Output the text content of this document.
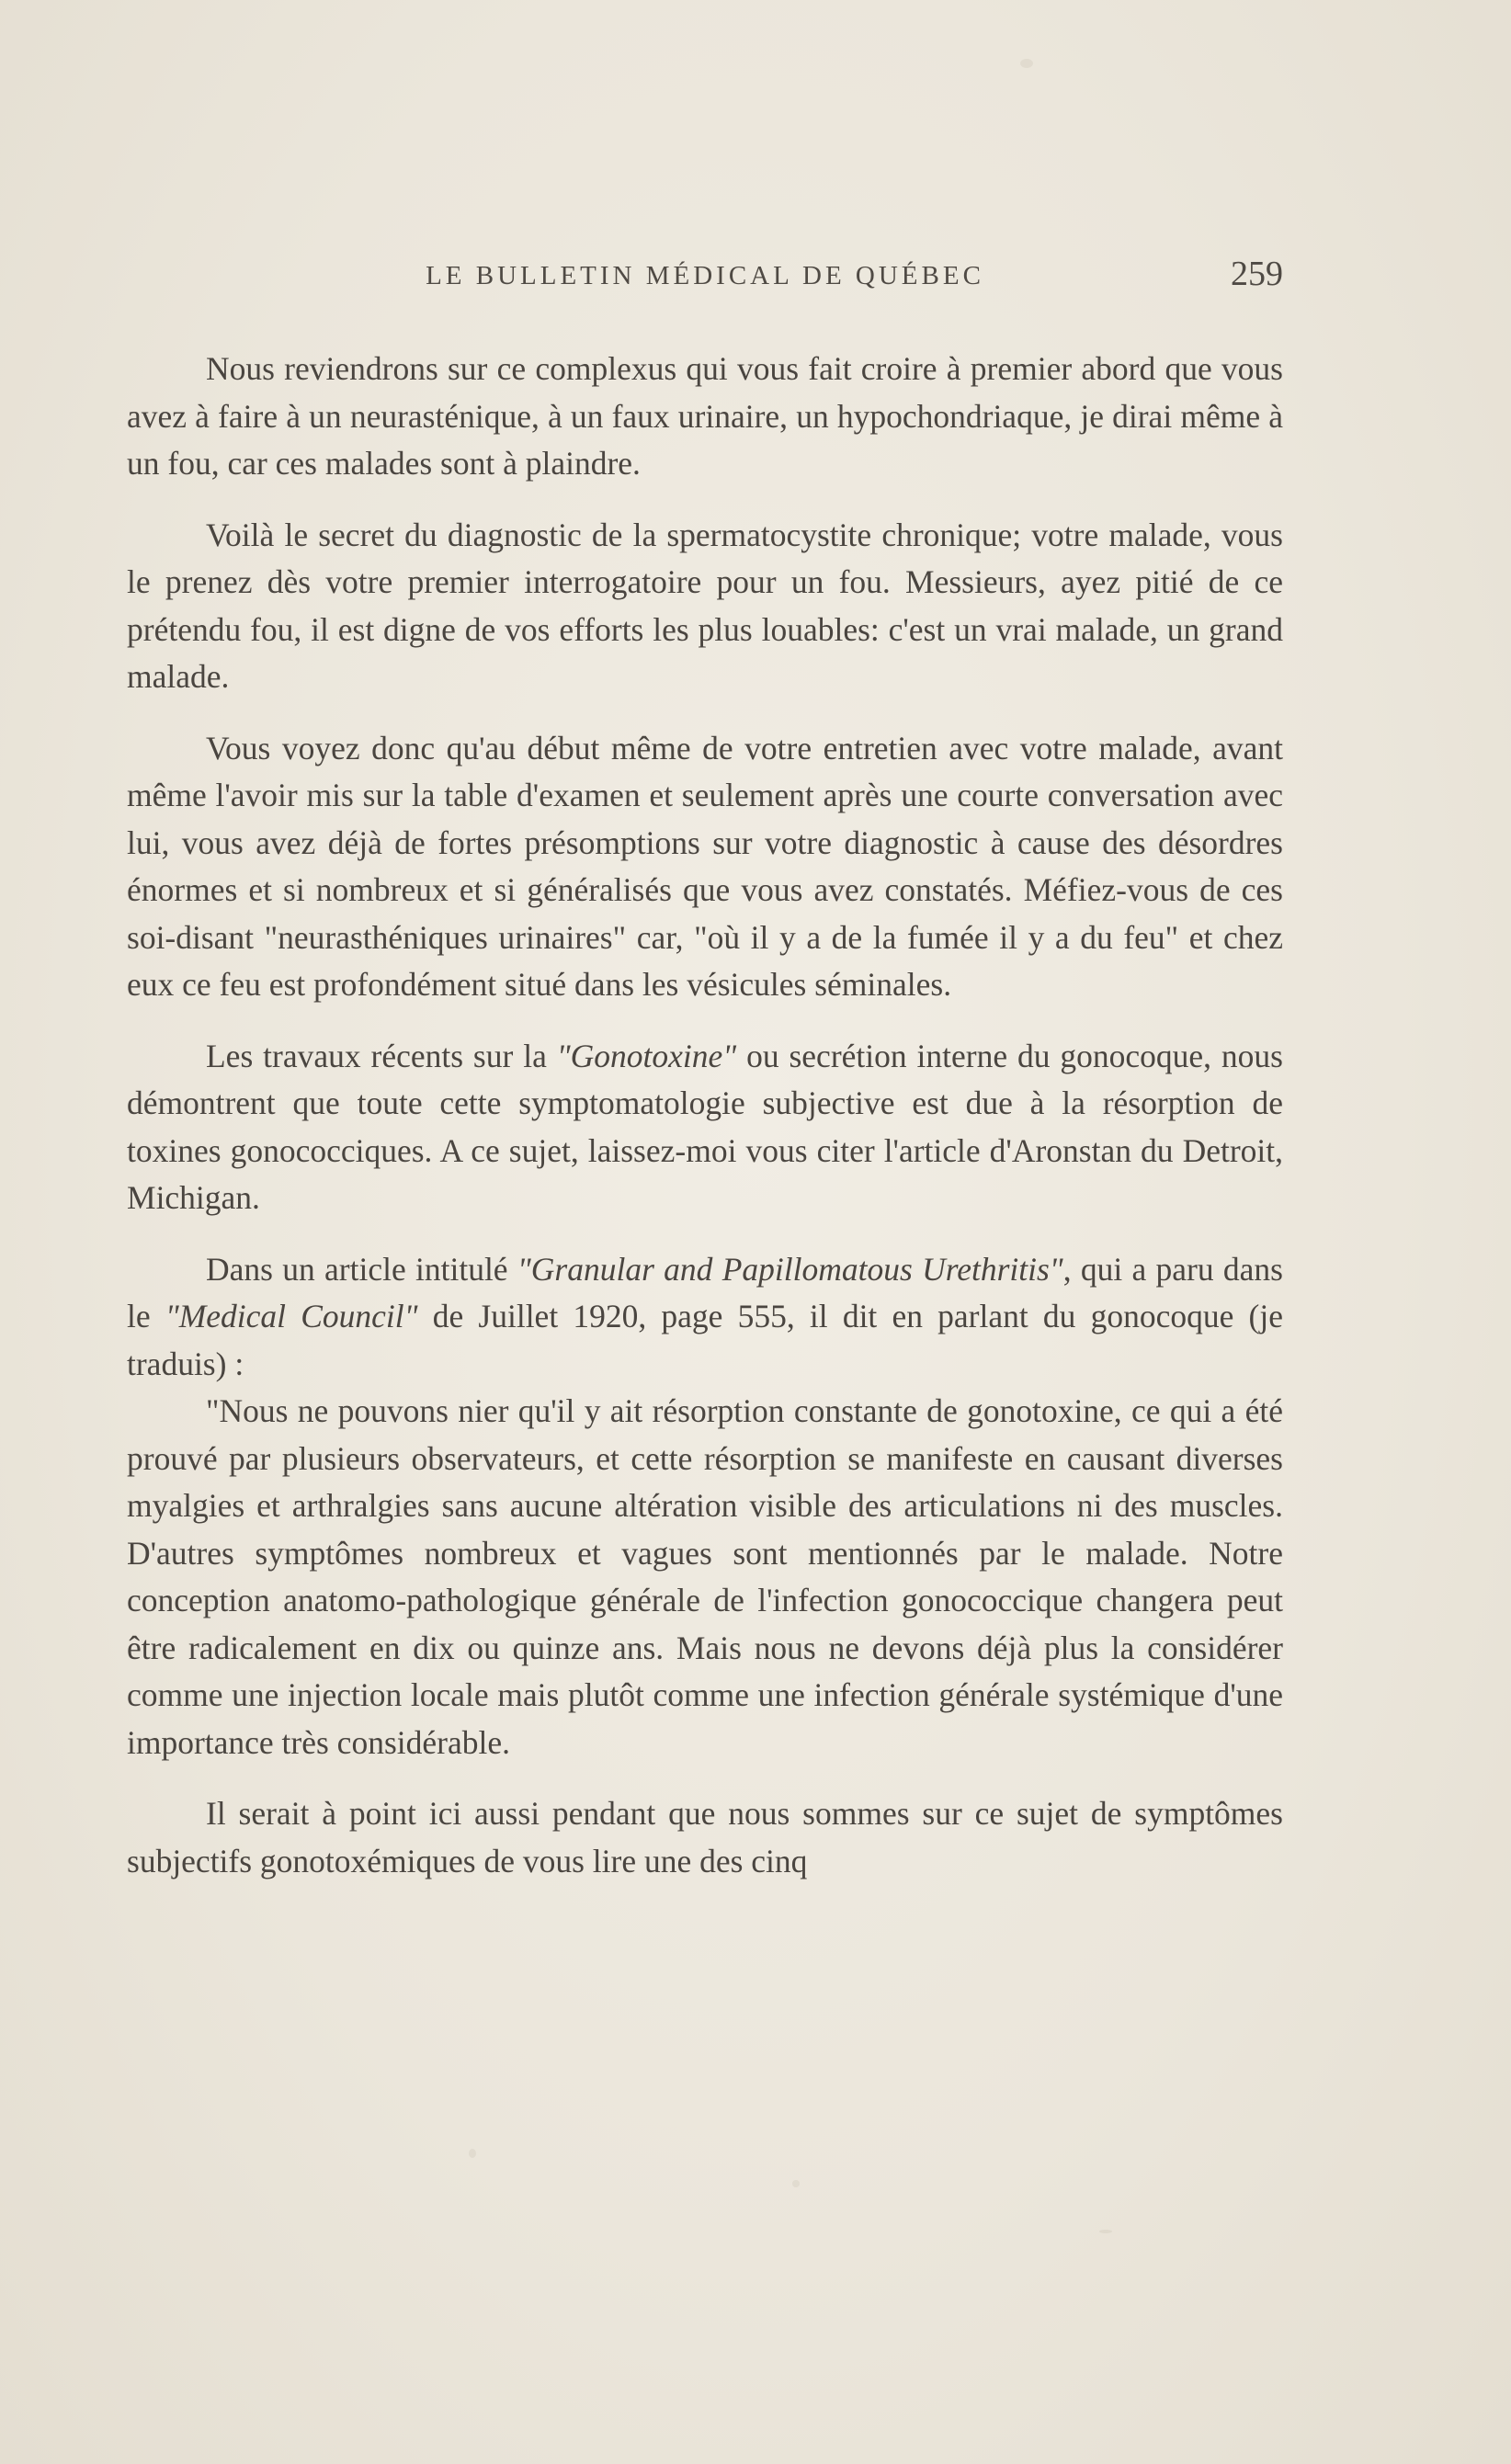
LE BULLETIN MÉDICAL DE QUÉBEC	259

Nous reviendrons sur ce complexus qui vous fait croire à premier abord que vous avez à faire à un neurasténique, à un faux urinaire, un hypochondriaque, je dirai même à un fou, car ces malades sont à plaindre.

Voilà le secret du diagnostic de la spermatocystite chronique; votre malade, vous le prenez dès votre premier interrogatoire pour un fou. Messieurs, ayez pitié de ce prétendu fou, il est digne de vos efforts les plus louables: c'est un vrai malade, un grand malade.

Vous voyez donc qu'au début même de votre entretien avec votre malade, avant même l'avoir mis sur la table d'examen et seulement après une courte conversation avec lui, vous avez déjà de fortes présomptions sur votre diagnostic à cause des désordres énormes et si nombreux et si généralisés que vous avez constatés. Méfiez-vous de ces soi-disant "neurasthéniques urinaires" car, "où il y a de la fumée il y a du feu" et chez eux ce feu est profondément situé dans les vésicules séminales.

Les travaux récents sur la "Gonotoxine" ou secrétion interne du gonocoque, nous démontrent que toute cette symptomatologie subjective est due à la résorption de toxines gonococciques. A ce sujet, laissez-moi vous citer l'article d'Aronstan du Detroit, Michigan.

Dans un article intitulé "Granular and Papillomatous Urethritis", qui a paru dans le "Medical Council" de Juillet 1920, page 555, il dit en parlant du gonocoque (je traduis) :

"Nous ne pouvons nier qu'il y ait résorption constante de gonotoxine, ce qui a été prouvé par plusieurs observateurs, et cette résorption se manifeste en causant diverses myalgies et arthralgies sans aucune altération visible des articulations ni des muscles. D'autres symptômes nombreux et vagues sont mentionnés par le malade. Notre conception anatomo-pathologique générale de l'infection gonococcique changera peut être radicalement en dix ou quinze ans. Mais nous ne devons déjà plus la considérer comme une injection locale mais plutôt comme une infection générale systémique d'une importance très considérable.

Il serait à point ici aussi pendant que nous sommes sur ce sujet de symptômes subjectifs gonotoxémiques de vous lire une des cinq
